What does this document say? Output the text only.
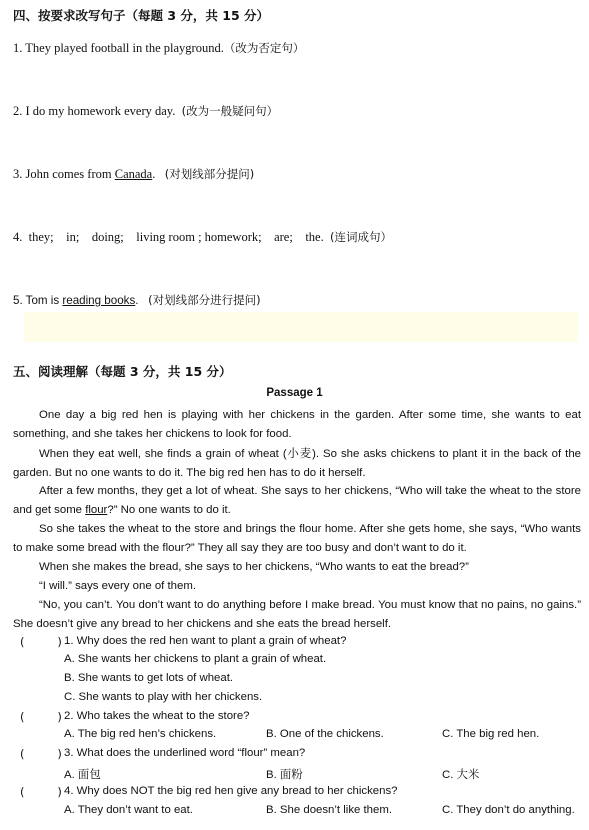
四、按要求改写句子（每题 3 分，共 15 分）
1. They played football in the playground.（改为否定句）
2. I do my homework every day. (改为一般疑问句）
3. John comes from Canada. (对划线部分提问)
4.  they;    in;    doing;    living room ; homework;    are;    the. (连词成句）
5. Tom is reading books. (对划线部分进行提问)
五、阅读理解（每题 3 分，共 15 分）
Passage 1
One day a big red hen is playing with her chickens in the garden. After some time, she wants to eat something, and she takes her chickens to look for food.
When they eat well, she finds a grain of wheat (小麦). So she asks chickens to plant it in the back of the garden. But no one wants to do it. The big red hen has to do it herself.
After a few months, they get a lot of wheat. She says to her chickens, “Who will take the wheat to the store and get some flour?” No one wants to do it.
So she takes the wheat to the store and brings the flour home. After she gets home, she says, “Who wants to make some bread with the flour?” They all say they are too busy and don’t want to do it.
When she makes the bread, she says to her chickens, “Who wants to eat the bread?”
“I will.” says every one of them.
“No, you can’t. You don’t want to do anything before I make bread. You must know that no pains, no gains.” She doesn’t give any bread to her chickens and she eats the bread herself.
(         ) 1. Why does the red hen want to plant a grain of wheat?
A. She wants her chickens to plant a grain of wheat.
B. She wants to get lots of wheat.
C. She wants to play with her chickens.
(         ) 2. Who takes the wheat to the store?
A. The big red hen’s chickens.	B. One of the chickens.	C. The big red hen.
(         ) 3. What does the underlined word “flour” mean?
A. 面包	B. 面粉	C. 大米
(         ) 4. Why does NOT the big red hen give any bread to her chickens?
A. They don’t want to eat.	B. She doesn’t like them.	C. They don’t do anything.
